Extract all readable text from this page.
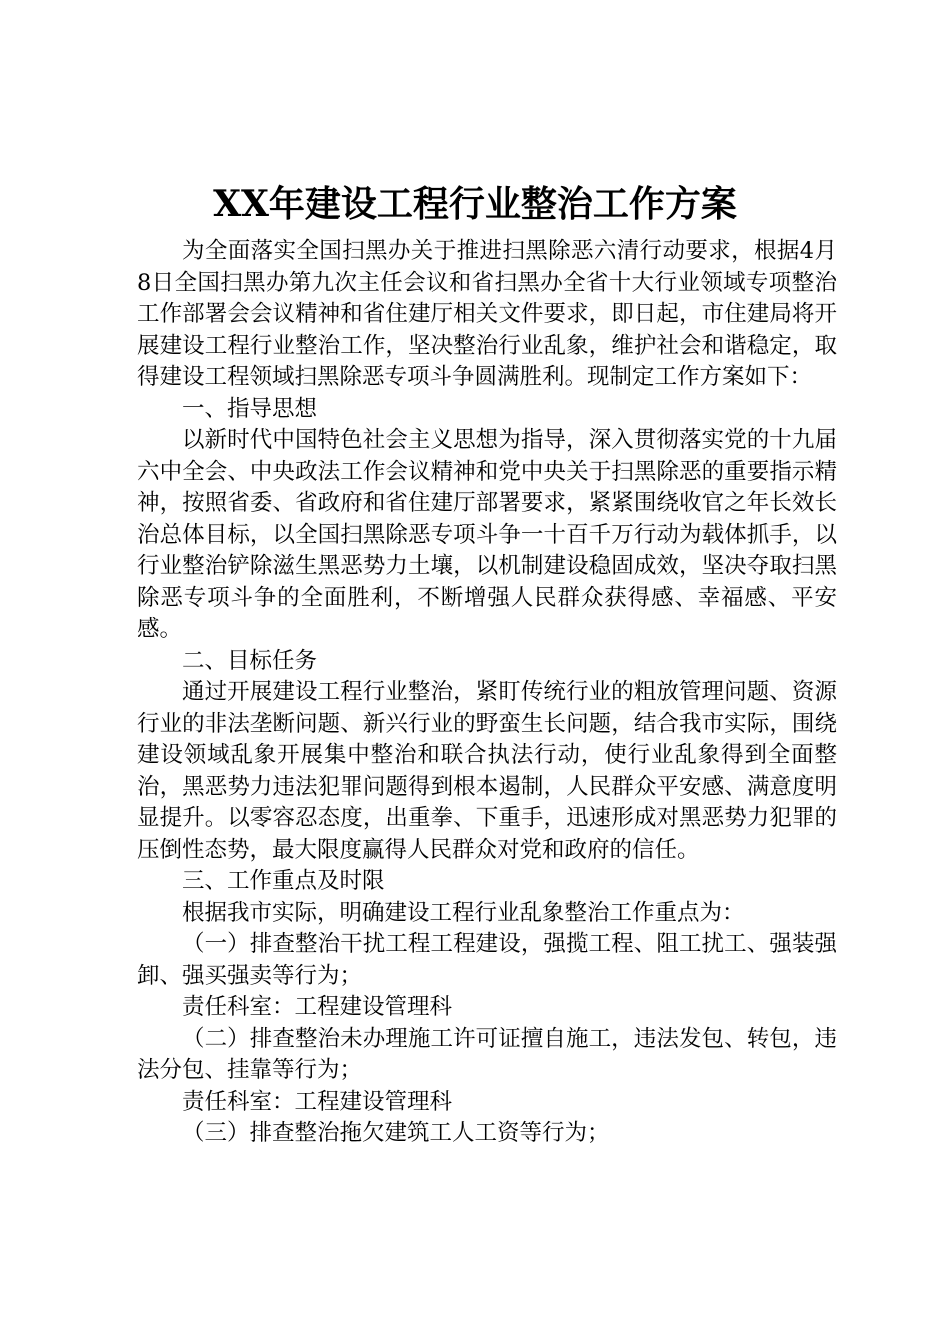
XX年建设工程行业整治工作方案

为全面落实全国扫黑办关于推进扫黑除恶六清行动要求，根据4月8日全国扫黑办第九次主任会议和省扫黑办全省十大行业领域专项整治工作部署会会议精神和省住建厅相关文件要求，即日起，市住建局将开展建设工程行业整治工作，坚决整治行业乱象，维护社会和谐稳定，取得建设工程领域扫黑除恶专项斗争圆满胜利。现制定工作方案如下：

一、指导思想

以新时代中国特色社会主义思想为指导，深入贯彻落实党的十九届六中全会、中央政法工作会议精神和党中央关于扫黑除恶的重要指示精神，按照省委、省政府和省住建厅部署要求，紧紧围绕收官之年长效长治总体目标，以全国扫黑除恶专项斗争一十百千万行动为载体抓手，以行业整治铲除滋生黑恶势力土壤，以机制建设稳固成效，坚决夺取扫黑除恶专项斗争的全面胜利，不断增强人民群众获得感、幸福感、平安感。

二、目标任务

通过开展建设工程行业整治，紧盯传统行业的粗放管理问题、资源行业的非法垄断问题、新兴行业的野蛮生长问题，结合我市实际，围绕建设领域乱象开展集中整治和联合执法行动，使行业乱象得到全面整治，黑恶势力违法犯罪问题得到根本遏制，人民群众平安感、满意度明显提升。以零容忍态度，出重拳、下重手，迅速形成对黑恶势力犯罪的压倒性态势，最大限度赢得人民群众对党和政府的信任。

三、工作重点及时限

根据我市实际，明确建设工程行业乱象整治工作重点为：

（一）排查整治干扰工程工程建设，强揽工程、阻工扰工、强装强卸、强买强卖等行为；

责任科室：工程建设管理科

（二）排查整治未办理施工许可证擅自施工，违法发包、转包，违法分包、挂靠等行为；

责任科室：工程建设管理科

（三）排查整治拖欠建筑工人工资等行为；
